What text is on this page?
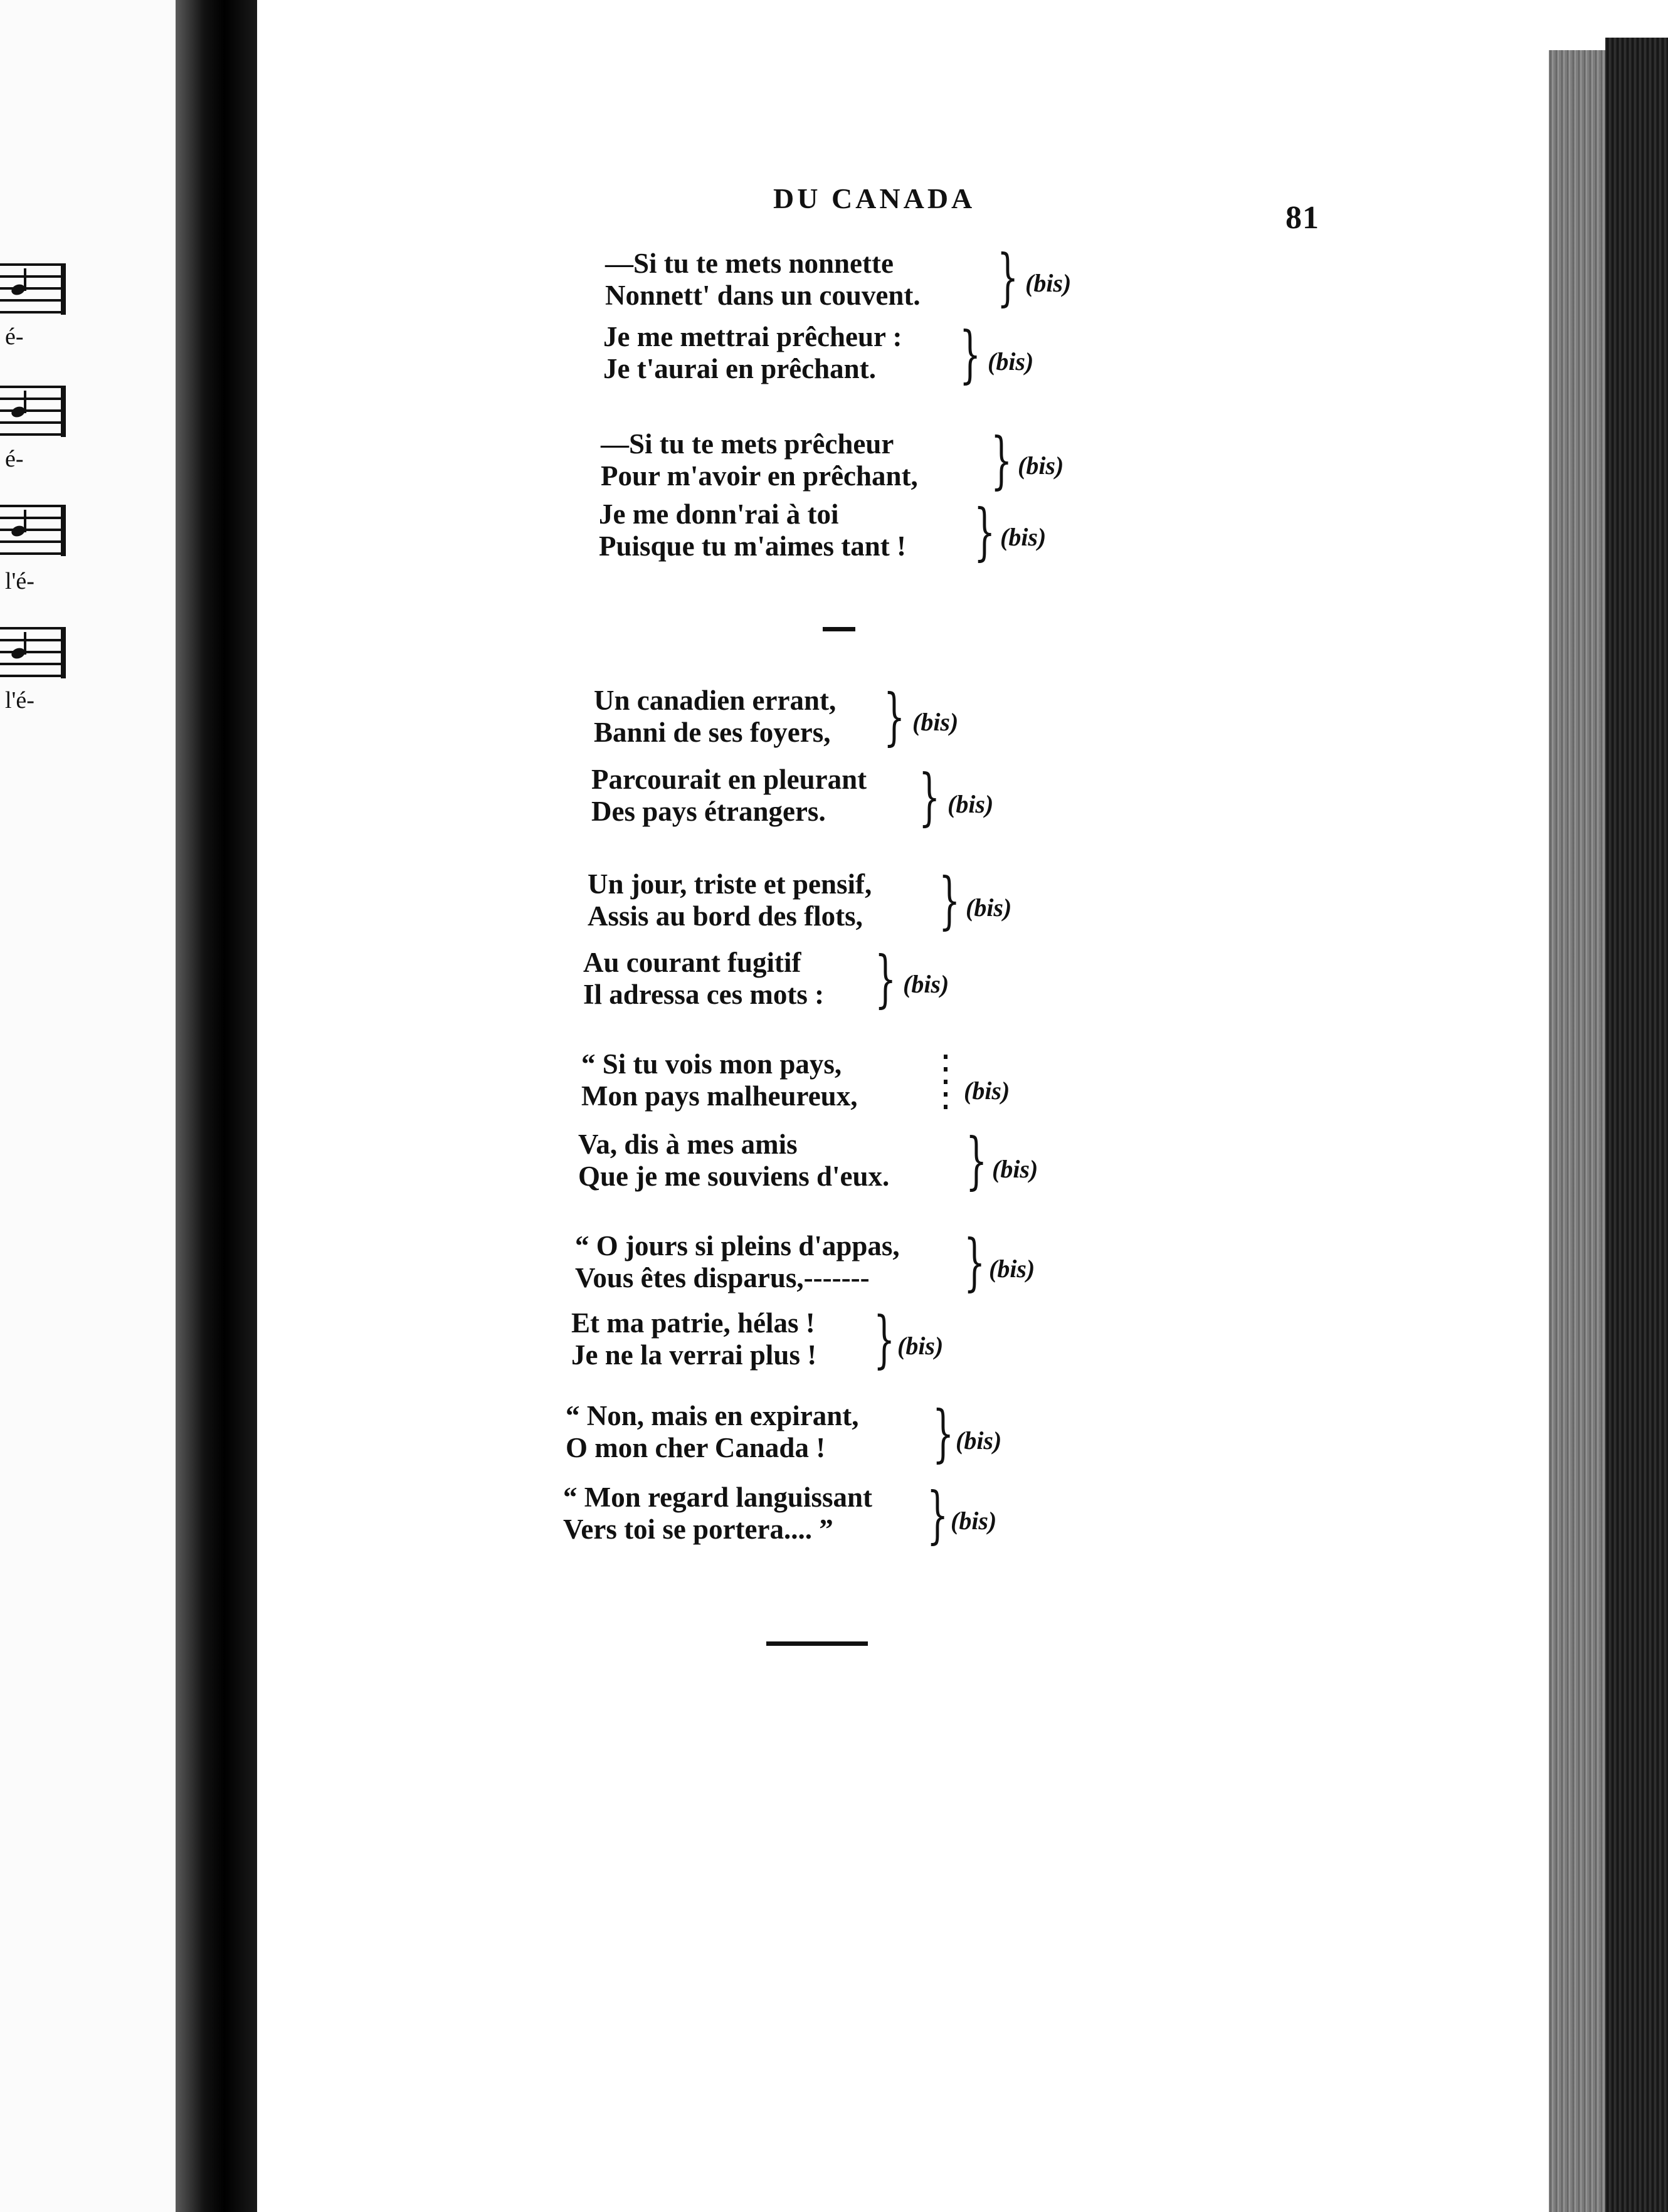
é-
é-
l'é-
l'é-
DU CANADA
81
—Si tu te mets nonnette
Nonnett' dans un couvent. } (bis)
Je me mettrai prêcheur :
Je t'aurai en prêchant.	} (bis)
—Si tu te mets prêcheur
Pour m'avoir en prêchant, } (bis)
Je me donn'rai à toi
Puisque tu m'aimes tant ! } (bis)
Un canadien errant,
Banni de ses foyers, } (bis)
Parcourait en pleurant
Des pays étrangers.	} (bis)
Un jour, triste et pensif,
Assis au bord des flots, } (bis)
Au courant fugitif
Il adressa ces mots : } (bis)
“ Si tu vois mon pays,
Mon pays malheureux,	(bis)
Va, dis à mes amis
Que je me souviens d'eux. } (bis)
“ O jours si pleins d'appas,
Vous êtes disparus,-------	} (bis)
Et ma patrie, hélas !
Je ne la verrai plus ! } (bis)
“ Non, mais en expirant,
O mon cher Canada !	} (bis)
“ Mon regard languissant
Vers toi se portera.... ”	} (bis)
